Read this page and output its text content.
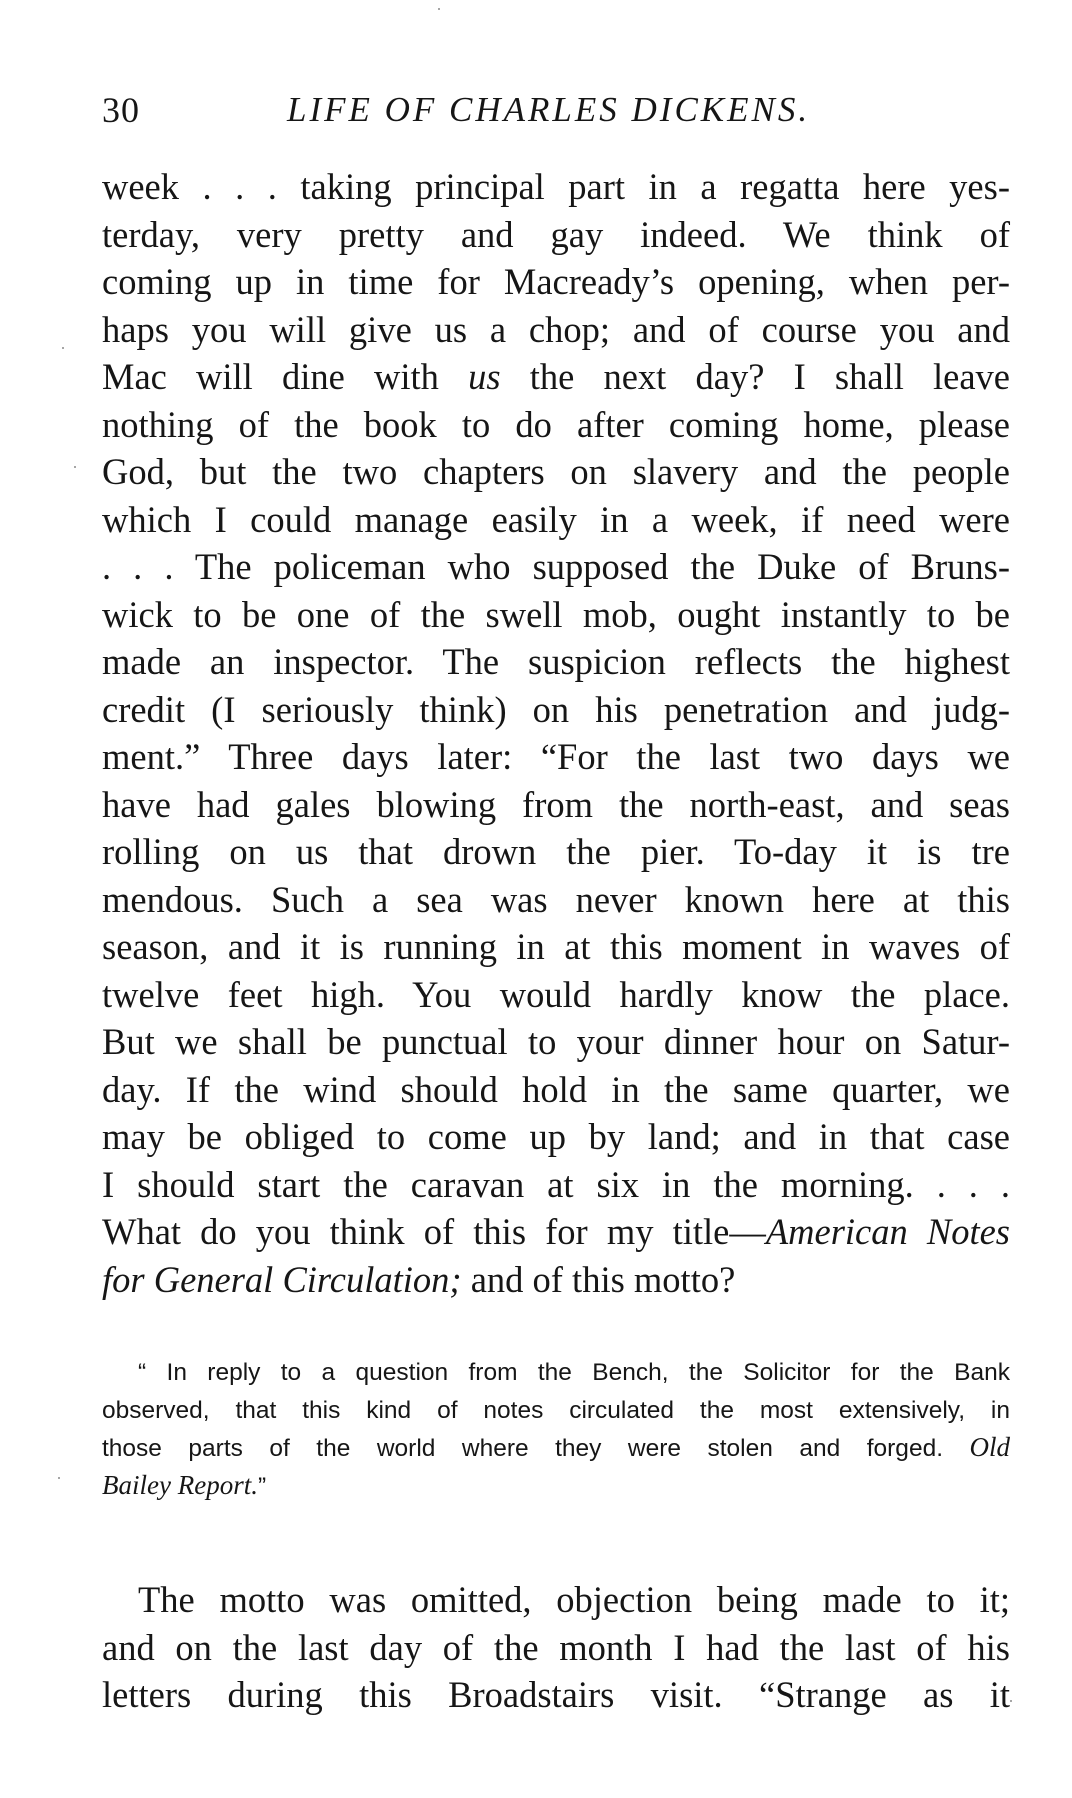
30	LIFE OF CHARLES DICKENS.
week . . . taking principal part in a regatta here yes-
terday, very pretty and gay indeed. We think of
coming up in time for Macready’s opening, when per-
haps you will give us a chop; and of course you and
Mac will dine with us the next day? I shall leave
nothing of the book to do after coming home, please
God, but the two chapters on slavery and the people
which I could manage easily in a week, if need were
. . . The policeman who supposed the Duke of Bruns-
wick to be one of the swell mob, ought instantly to be
made an inspector. The suspicion reflects the highest
credit (I seriously think) on his penetration and judg-
ment.” Three days later: “For the last two days we
have had gales blowing from the north-east, and seas
rolling on us that drown the pier. To-day it is tre
mendous. Such a sea was never known here at this
season, and it is running in at this moment in waves of
twelve feet high. You would hardly know the place.
But we shall be punctual to your dinner hour on Satur-
day. If the wind should hold in the same quarter, we
may be obliged to come up by land; and in that case
I should start the caravan at six in the morning. . . .
What do you think of this for my title—American Notes
for General Circulation; and of this motto?
“ In reply to a question from the Bench, the Solicitor for the Bank
observed, that this kind of notes circulated the most extensively, in
those parts of the world where they were stolen and forged. Old
Bailey Report.”
The motto was omitted, objection being made to it;
and on the last day of the month I had the last of his
letters during this Broadstairs visit. “Strange as it
